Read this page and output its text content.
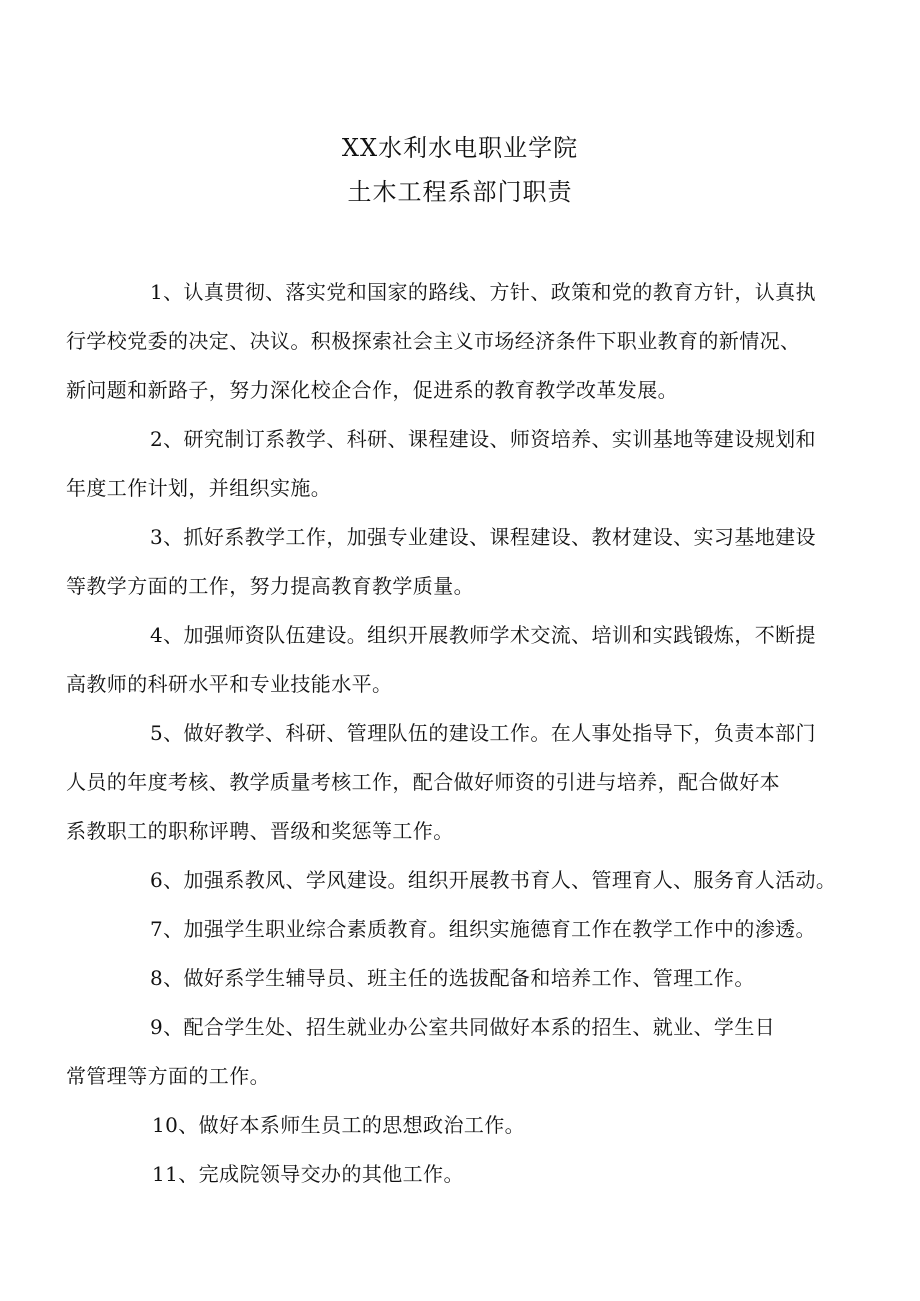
XX水利水电职业学院
土木工程系部门职责
1、认真贯彻、落实党和国家的路线、方针、政策和党的教育方针，认真执
行学校党委的决定、决议。积极探索社会主义市场经济条件下职业教育的新情况、
新问题和新路子，努力深化校企合作，促进系的教育教学改革发展。
2、研究制订系教学、科研、课程建设、师资培养、实训基地等建设规划和
年度工作计划，并组织实施。
3、抓好系教学工作，加强专业建设、课程建设、教材建设、实习基地建设
等教学方面的工作，努力提高教育教学质量。
4、加强师资队伍建设。组织开展教师学术交流、培训和实践锻炼，不断提
高教师的科研水平和专业技能水平。
5、做好教学、科研、管理队伍的建设工作。在人事处指导下，负责本部门
人员的年度考核、教学质量考核工作，配合做好师资的引进与培养，配合做好本
系教职工的职称评聘、晋级和奖惩等工作。
6、加强系教风、学风建设。组织开展教书育人、管理育人、服务育人活动。
7、加强学生职业综合素质教育。组织实施德育工作在教学工作中的渗透。
8、做好系学生辅导员、班主任的选拔配备和培养工作、管理工作。
9、配合学生处、招生就业办公室共同做好本系的招生、就业、学生日
常管理等方面的工作。
10、做好本系师生员工的思想政治工作。
11、完成院领导交办的其他工作。
